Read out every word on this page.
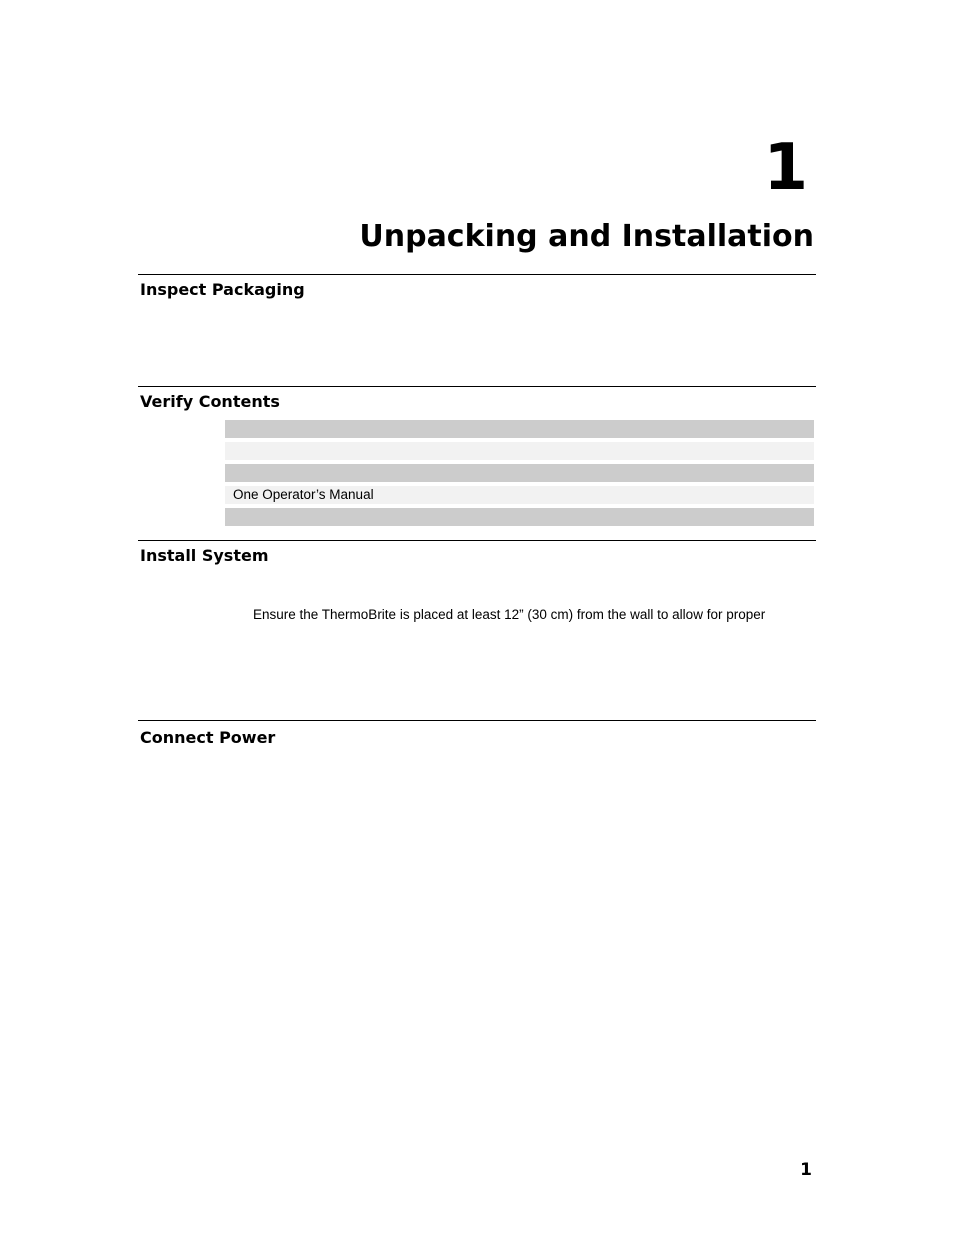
1
Unpacking and Installation
Inspect Packaging
Verify Contents
One Operator’s Manual
Install System

Ensure the ThermoBrite is placed at least 12” (30 cm) from the wall to allow for proper

Connect Power
1
